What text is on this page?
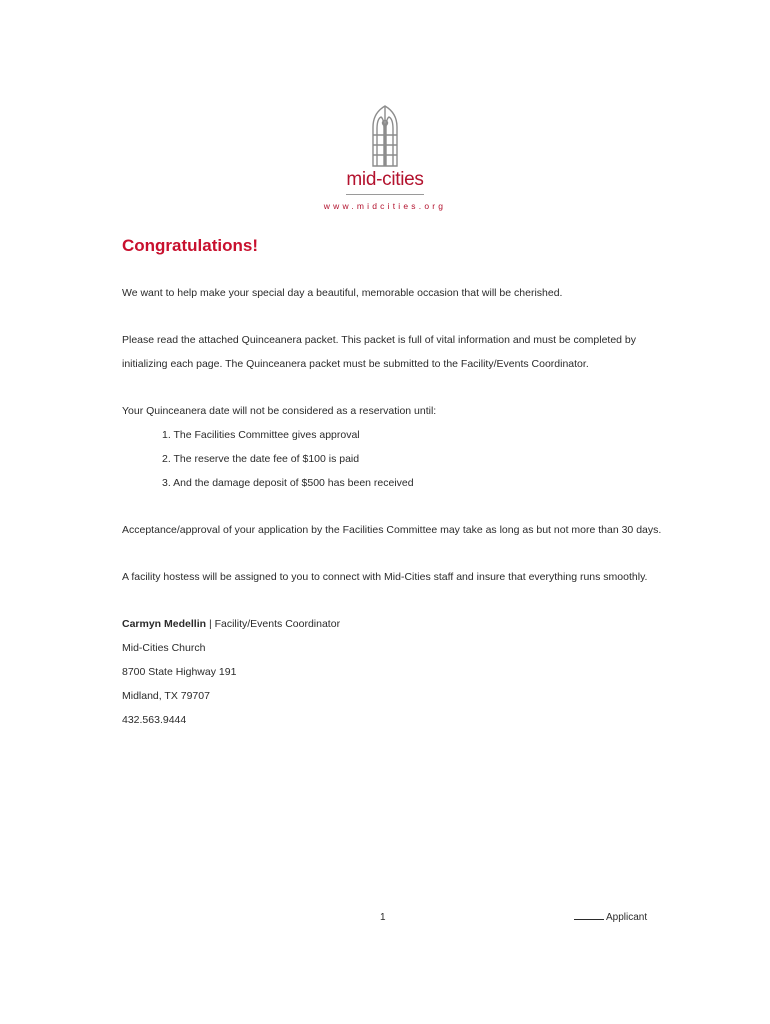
mid-cities
www.midcities.org
Congratulations!

We want to help make your special day a beautiful, memorable occasion that will be cherished.

Please read the attached Quinceanera packet. This packet is full of vital information and must be completed by initializing each page. The Quinceanera packet must be submitted to the Facility/Events Coordinator.

Your Quinceanera date will not be considered as a reservation until:

1. The Facilities Committee gives approval
2. The reserve the date fee of $100 is paid
3. And the damage deposit of $500 has been received

Acceptance/approval of your application by the Facilities Committee may take as long as but not more than 30 days.

A facility hostess will be assigned to you to connect with Mid-Cities staff and insure that everything runs smoothly.

Carmyn Medellin | Facility/Events Coordinator
Mid-Cities Church
8700 State Highway 191
Midland, TX 79707
432.563.9444
1	Applicant
